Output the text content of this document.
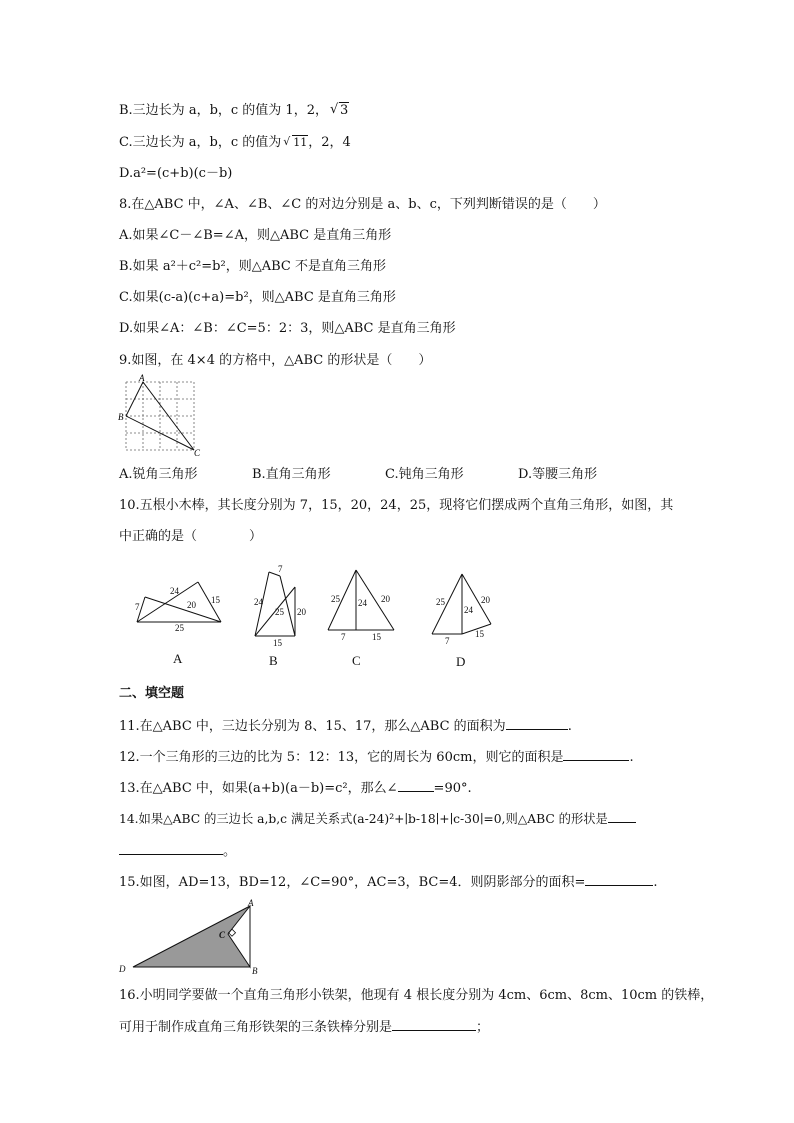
B.三边长为 a，b，c 的值为 1，2， √ 3
C.三边长为 a，b，c 的值为 √ 11，2，4
D.a²=(c+b)(c－b)
8.在△ABC 中，∠A、∠B、∠C 的对边分别是 a、b、c，下列判断错误的是（　　）
A.如果∠C－∠B=∠A，则△ABC 是直角三角形
B.如果 a²＋c²=b²，则△ABC 不是直角三角形
C.如果(c-a)(c+a)=b²，则△ABC 是直角三角形
D.如果∠A：∠B：∠C=5：2：3，则△ABC 是直角三角形
9.如图，在 4×4 的方格中，△ABC 的形状是（　　）
A
B
C
A.锐角三角形	B.直角三角形	C.钝角三角形	D.等腰三角形
10.五根小木棒，其长度分别为 7，15，20，24，25，现将它们摆成两个直角三角形，如图，其
中正确的是（　　　　）
7
24
20 15
25
7
24
25 20
15
25 24 20
7	15
25
24
20
7
15
A	B	C	D
二、填空题
11.在△ABC 中，三边长分别为 8、15、17，那么△ABC 的面积为	.
12.一个三角形的三边的比为 5：12：13，它的周长为 60cm，则它的面积是	.
13.在△ABC 中，如果(a+b)(a－b)=c²，那么∠	=90°.
14.如果△ABC 的三边长 a,b,c 满足关系式(a-24)²+∣b-18∣+∣c-30∣=0,则△ABC 的形状是
。
15.如图，AD=13，BD=12，∠C=90°，AC=3，BC=4．则阴影部分的面积=	.
A
B
C
D
16.小明同学要做一个直角三角形小铁架，他现有 4 根长度分别为 4cm、6cm、8cm、10cm 的铁棒，
可用于制作成直角三角形铁架的三条铁棒分别是	；
